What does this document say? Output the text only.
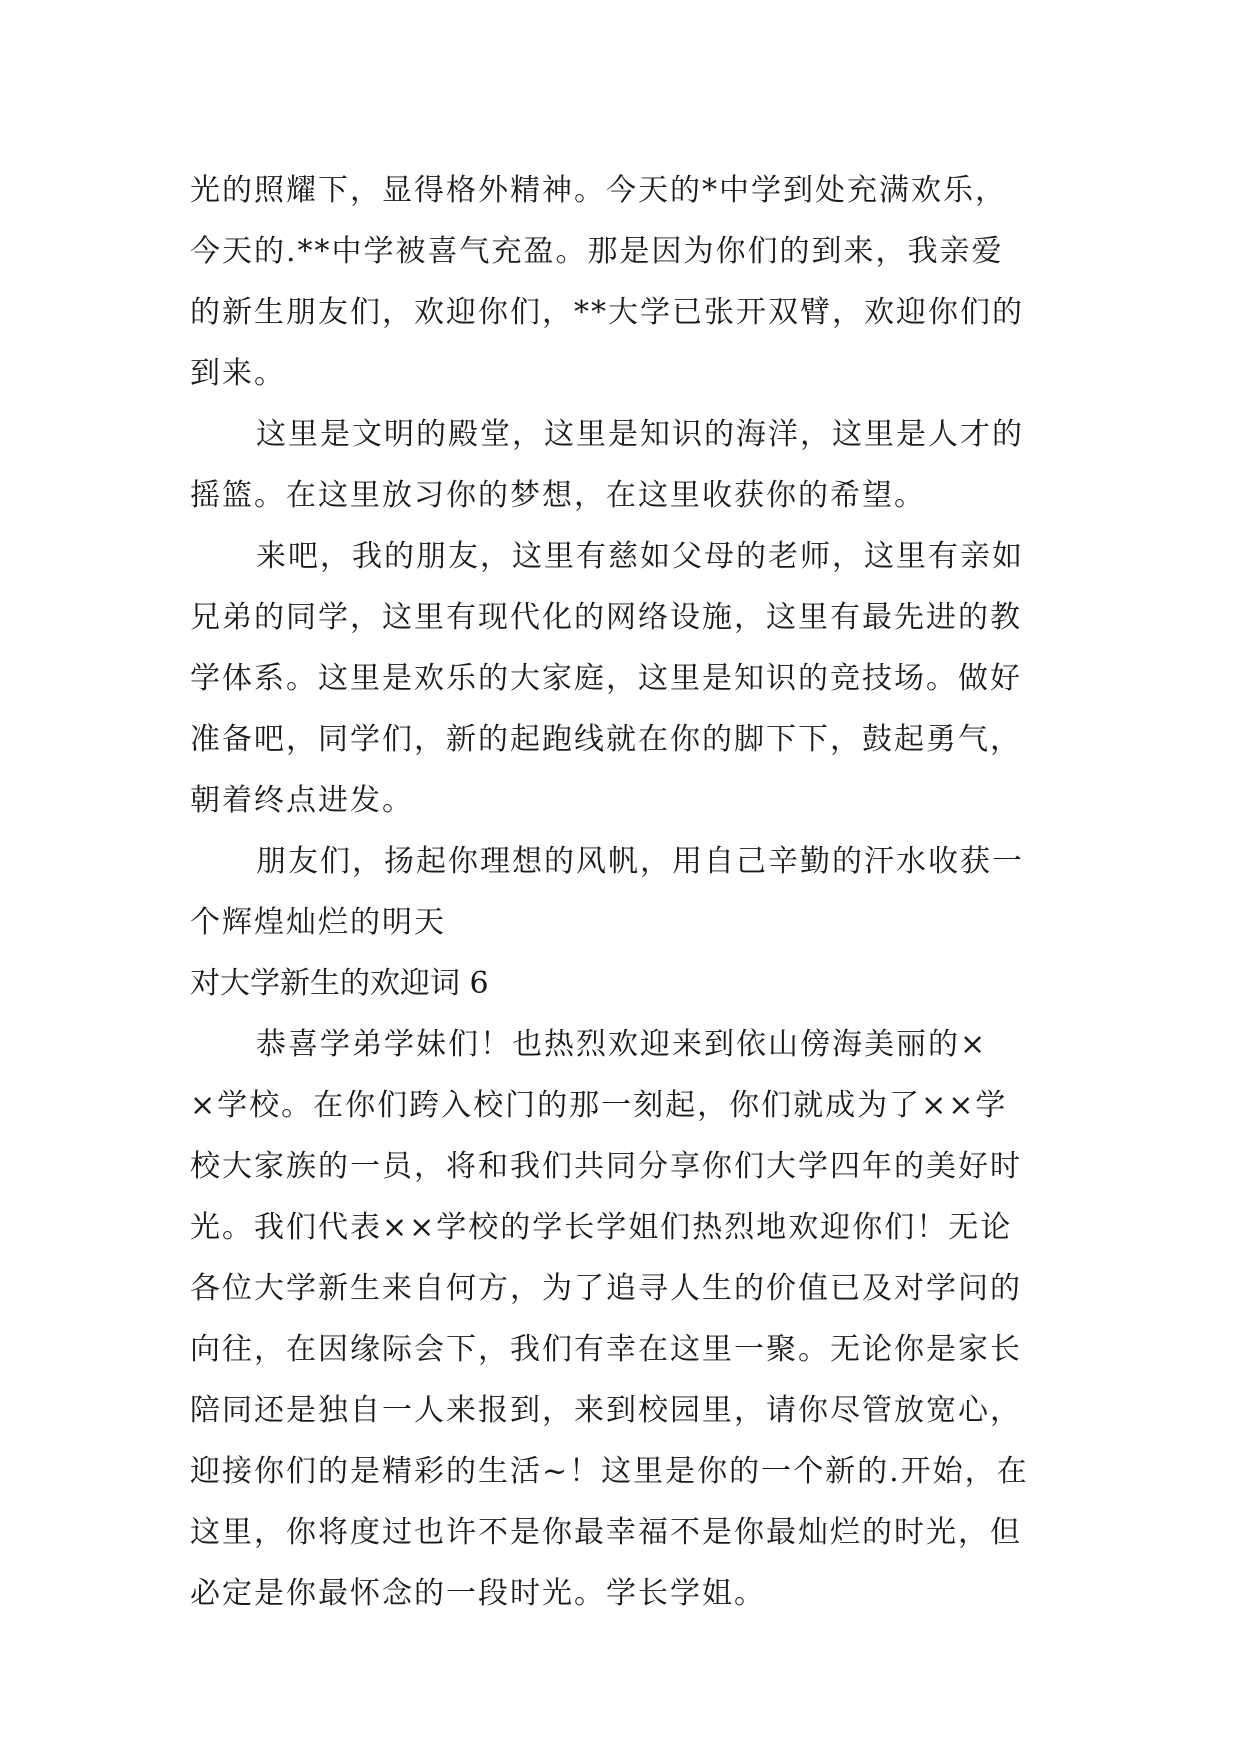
光的照耀下，显得格外精神。今天的*中学到处充满欢乐，
今天的.**中学被喜气充盈。那是因为你们的到来，我亲爱
的新生朋友们，欢迎你们，**大学已张开双臂，欢迎你们的
到来。
这里是文明的殿堂，这里是知识的海洋，这里是人才的
摇篮。在这里放习你的梦想，在这里收获你的希望。
来吧，我的朋友，这里有慈如父母的老师，这里有亲如
兄弟的同学，这里有现代化的网络设施，这里有最先进的教
学体系。这里是欢乐的大家庭，这里是知识的竞技场。做好
准备吧，同学们，新的起跑线就在你的脚下下，鼓起勇气，
朝着终点进发。
朋友们，扬起你理想的风帆，用自己辛勤的汗水收获一
个辉煌灿烂的明天
对大学新生的欢迎词 6
恭喜学弟学妹们！也热烈欢迎来到依山傍海美丽的×
×学校。在你们跨入校门的那一刻起，你们就成为了××学
校大家族的一员，将和我们共同分享你们大学四年的美好时
光。我们代表××学校的学长学姐们热烈地欢迎你们！无论
各位大学新生来自何方，为了追寻人生的价值已及对学问的
向往，在因缘际会下，我们有幸在这里一聚。无论你是家长
陪同还是独自一人来报到，来到校园里，请你尽管放宽心，
迎接你们的是精彩的生活~！这里是你的一个新的.开始，在
这里，你将度过也许不是你最幸福不是你最灿烂的时光，但
必定是你最怀念的一段时光。学长学姐。
